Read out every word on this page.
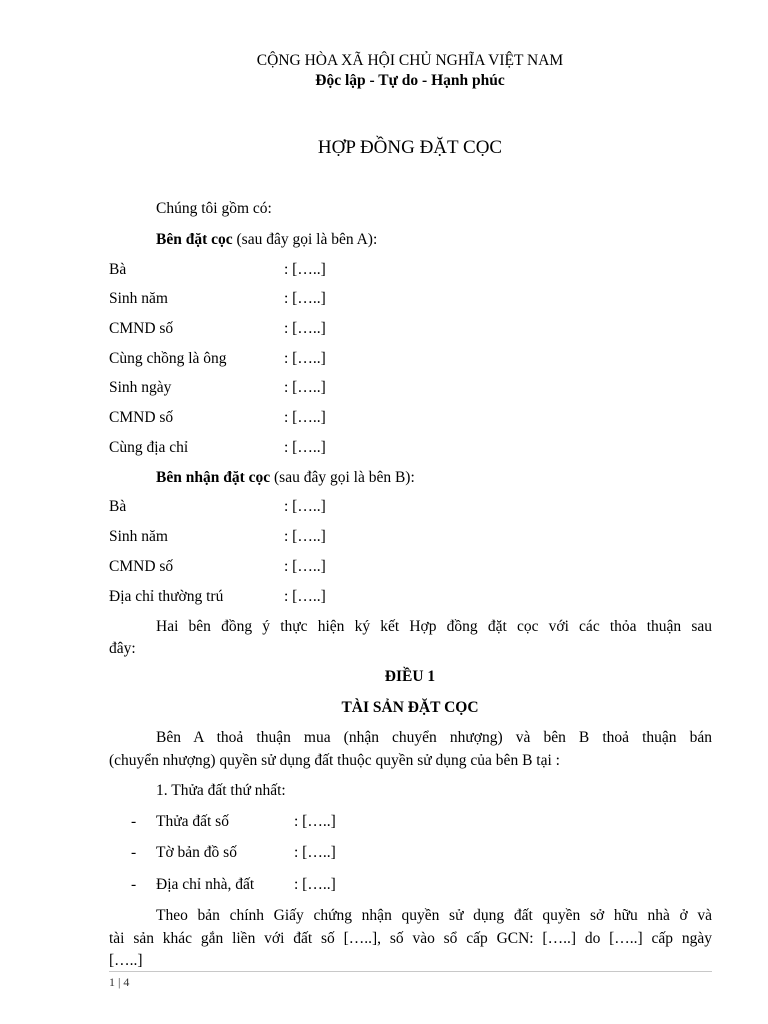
CỘNG HÒA XÃ HỘI CHỦ NGHĨA VIỆT NAM
Độc lập - Tự do - Hạnh phúc
HỢP ĐỒNG ĐẶT CỌC
Chúng tôi gồm có:
Bên đặt cọc (sau đây gọi là bên A):
Bà	: […..]
Sinh năm	: […..]
CMND số	: […..]
Cùng chồng là ông	: […..]
Sinh ngày	: […..]
CMND số	: […..]
Cùng địa chỉ	: […..]
Bên nhận đặt cọc (sau đây gọi là bên B):
Bà	: […..]
Sinh năm	: […..]
CMND số	: […..]
Địa chỉ thường trú	: […..]
Hai bên đồng ý thực hiện ký kết Hợp đồng đặt cọc với các thỏa thuận sau
đây:
ĐIỀU 1
TÀI SẢN ĐẶT CỌC
Bên A thoả thuận mua (nhận chuyển nhượng) và bên B thoả thuận bán
(chuyển nhượng) quyền sử dụng đất thuộc quyền sử dụng của bên B tại :
1. Thửa đất thứ nhất:
- Thửa đất số	: […..]
- Tờ bản đồ số	: […..]
- Địa chỉ nhà, đất	: […..]
Theo bản chính Giấy chứng nhận quyền sử dụng đất quyền sở hữu nhà ở và
tài sản khác gắn liền với đất số […..], số vào sổ cấp GCN: […..] do […..] cấp ngày
[…..]
1 | 4
